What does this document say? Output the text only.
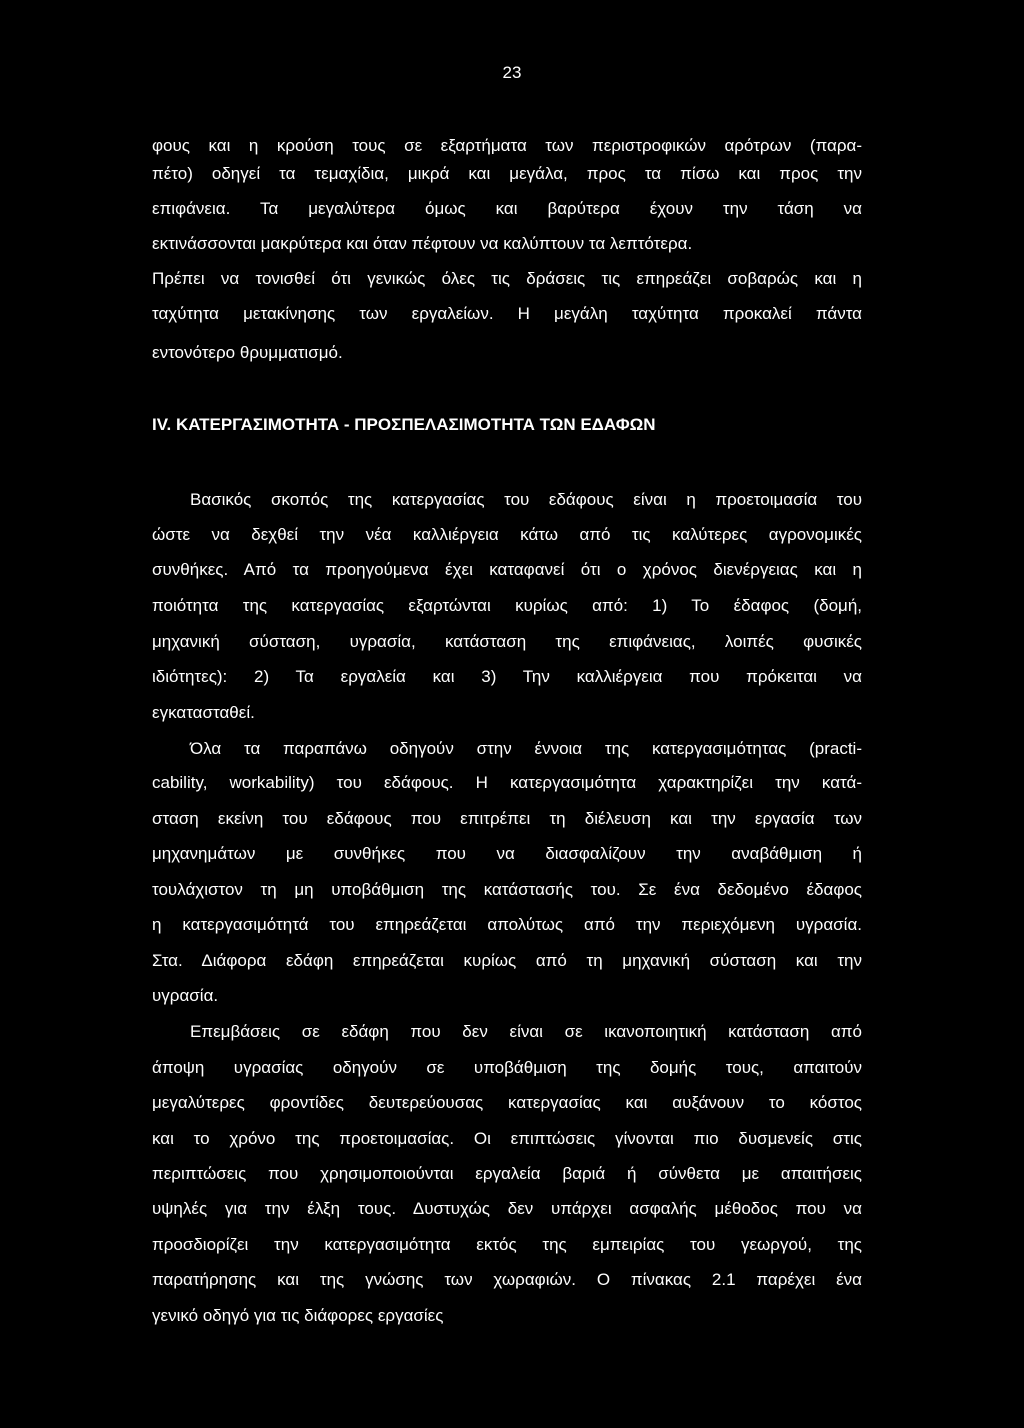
23
φους και η κρούση τους σε εξαρτήματα των περιστροφικών αρότρων (παρα-
πέτο) οδηγεί τα τεμαχίδια, μικρά και μεγάλα, προς τα πίσω και προς την
επιφάνεια. Τα μεγαλύτερα όμως και βαρύτερα έχουν την τάση να
εκτινάσσονται μακρύτερα και όταν πέφτουν να καλύπτουν τα λεπτότερα.
Πρέπει να τονισθεί ότι γενικώς όλες τις δράσεις τις επηρεάζει σοβαρώς και η
ταχύτητα μετακίνησης των εργαλείων. Η μεγάλη ταχύτητα προκαλεί πάντα
εντονότερο θρυμματισμό.
IV. ΚΑΤΕΡΓΑΣΙΜΟΤΗΤΑ - ΠΡΟΣΠΕΛΑΣΙΜΟΤΗΤΑ ΤΩΝ ΕΔΑΦΩΝ
Βασικός σκοπός της κατεργασίας του εδάφους είναι η προετοιμασία του
ώστε να δεχθεί την νέα καλλιέργεια κάτω από τις καλύτερες αγρονομικές
συνθήκες. Από τα προηγούμενα έχει καταφανεί ότι ο χρόνος διενέργειας και η
ποιότητα της κατεργασίας εξαρτώνται κυρίως από: 1) Το έδαφος (δομή,
μηχανική σύσταση, υγρασία, κατάσταση της επιφάνειας, λοιπές φυσικές
ιδιότητες): 2) Τα εργαλεία και 3) Την καλλιέργεια που πρόκειται να
εγκατασταθεί.
Όλα τα παραπάνω οδηγούν στην έννοια της κατεργασιμότητας (practi-
cability, workability) του εδάφους. Η κατεργασιμότητα χαρακτηρίζει την κατά-
σταση εκείνη του εδάφους που επιτρέπει τη διέλευση και την εργασία των
μηχανημάτων με συνθήκες που να διασφαλίζουν την αναβάθμιση ή
τουλάχιστον τη μη υποβάθμιση της κατάστασής του. Σε ένα δεδομένο έδαφος
η κατεργασιμότητά του επηρεάζεται απολύτως από την περιεχόμενη υγρασία.
Στα. Διάφορα εδάφη επηρεάζεται κυρίως από τη μηχανική σύσταση και την
υγρασία.
Επεμβάσεις σε εδάφη που δεν είναι σε ικανοποιητική κατάσταση από
άποψη υγρασίας οδηγούν σε υποβάθμιση της δομής τους, απαιτούν
μεγαλύτερες φροντίδες δευτερεύουσας κατεργασίας και αυξάνουν το κόστος
και το χρόνο της προετοιμασίας. Οι επιπτώσεις γίνονται πιο δυσμενείς στις
περιπτώσεις που χρησιμοποιούνται εργαλεία βαριά ή σύνθετα με απαιτήσεις
υψηλές για την έλξη τους. Δυστυχώς δεν υπάρχει ασφαλής μέθοδος που να
προσδιορίζει την κατεργασιμότητα εκτός της εμπειρίας του γεωργού, της
παρατήρησης και της γνώσης των χωραφιών. Ο πίνακας 2.1 παρέχει ένα
γενικό οδηγό για τις διάφορες εργασίες
